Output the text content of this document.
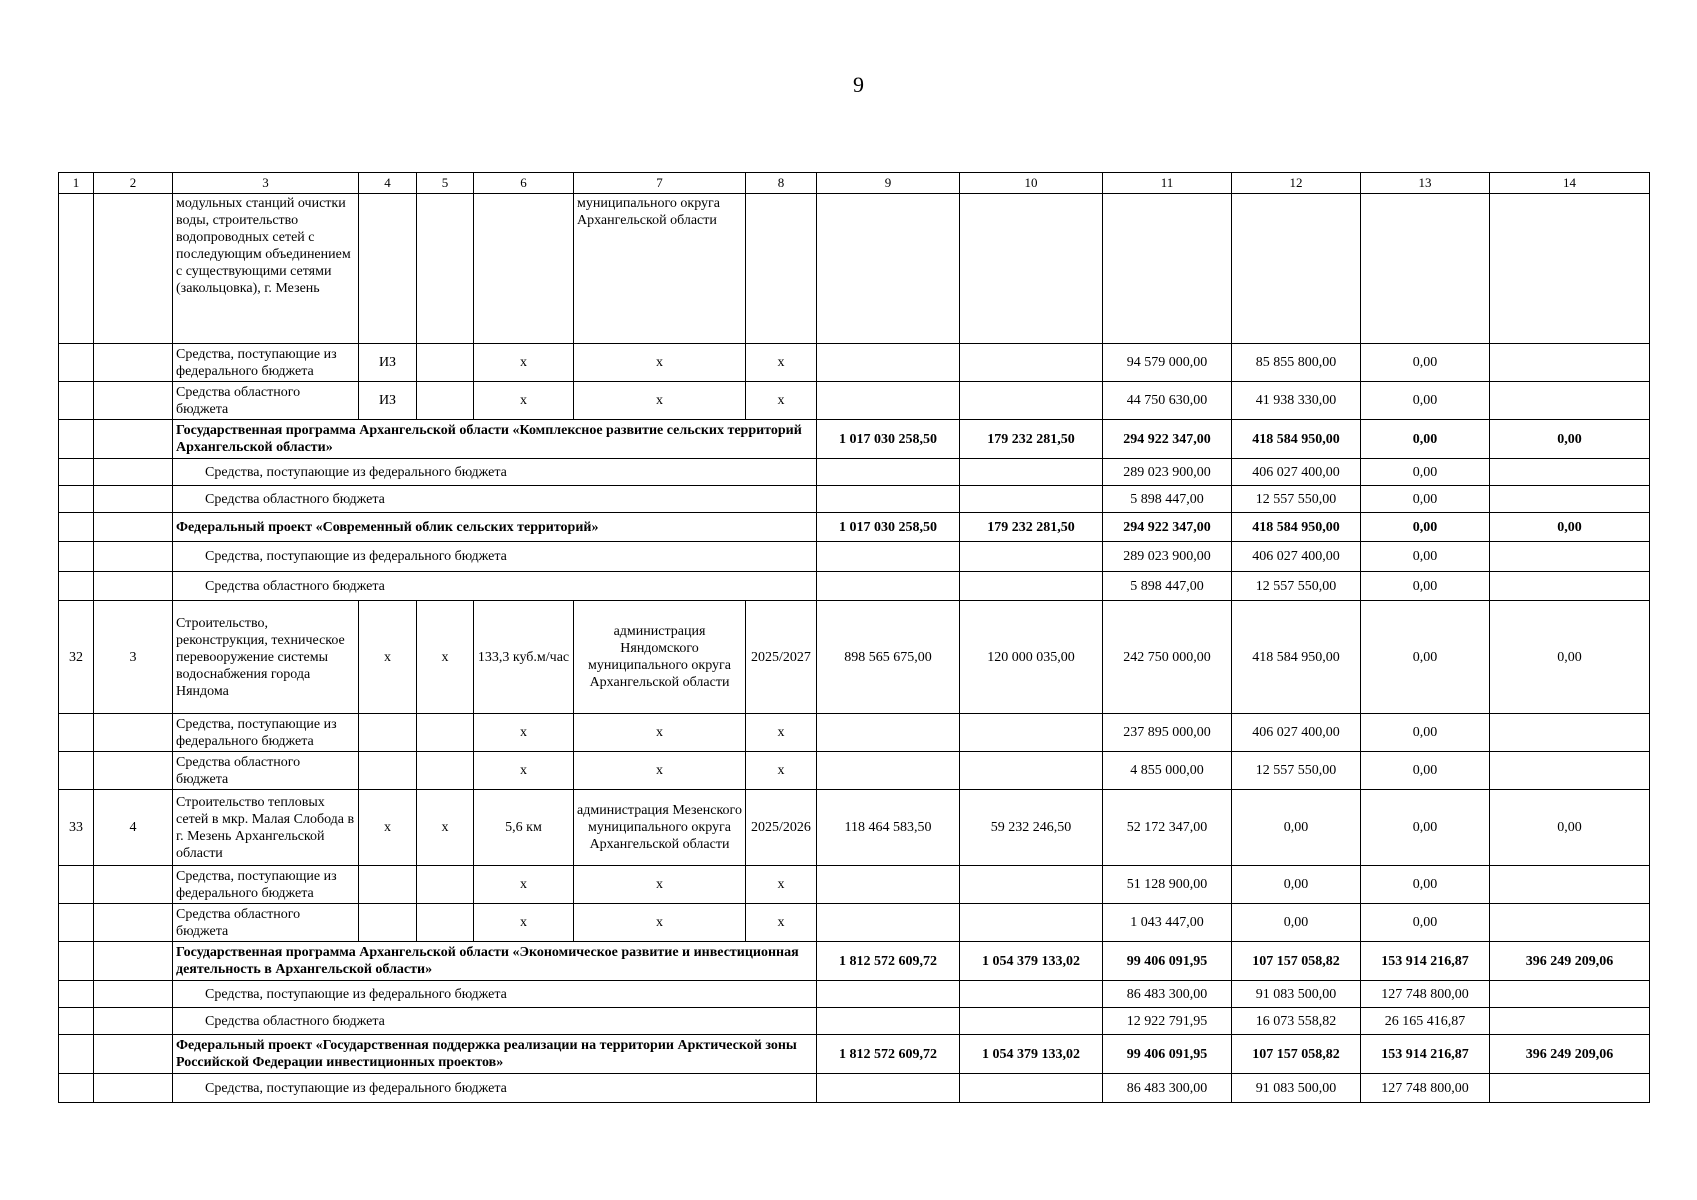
9
1	2	3	4	5	6	7	8	9	10	11	12	13	14
		модульных станций очистки воды, строительство водопроводных сетей с последующим объединением с существующими сетями (закольцовка), г. Мезень				муниципального округа Архангельской области							
		Средства, поступающие из федерального бюджета	ИЗ		х	х	х			94 579 000,00	85 855 800,00	0,00	
		Средства областного бюджета	ИЗ		х	х	х			44 750 630,00	41 938 330,00	0,00	
		Государственная программа Архангельской области «Комплексное развитие сельских территорий Архангельской области»						1 017 030 258,50	179 232 281,50	294 922 347,00	418 584 950,00	0,00	0,00
		Средства, поступающие из федерального бюджета								289 023 900,00	406 027 400,00	0,00	
		Средства областного бюджета								5 898 447,00	12 557 550,00	0,00	
		Федеральный проект «Современный облик сельских территорий»						1 017 030 258,50	179 232 281,50	294 922 347,00	418 584 950,00	0,00	0,00
		Средства, поступающие из федерального бюджета								289 023 900,00	406 027 400,00	0,00	
		Средства областного бюджета								5 898 447,00	12 557 550,00	0,00	
32	3	Строительство, реконструкция, техническое перевооружение системы водоснабжения города Няндома	х	х	133,3 куб.м/час	администрация Няндомского муниципального округа Архангельской области	2025/2027	898 565 675,00	120 000 035,00	242 750 000,00	418 584 950,00	0,00	0,00
		Средства, поступающие из федерального бюджета			х	х	х			237 895 000,00	406 027 400,00	0,00	
		Средства областного бюджета			х	х	х			4 855 000,00	12 557 550,00	0,00	
33	4	Строительство тепловых сетей в мкр. Малая Слобода в г. Мезень Архангельской области	х	х	5,6 км	администрация Мезенского муниципального округа Архангельской области	2025/2026	118 464 583,50	59 232 246,50	52 172 347,00	0,00	0,00	0,00
		Средства, поступающие из федерального бюджета			х	х	х			51 128 900,00	0,00	0,00	
		Средства областного бюджета			х	х	х			1 043 447,00	0,00	0,00	
		Государственная программа Архангельской области «Экономическое развитие и инвестиционная деятельность в Архангельской области»						1 812 572 609,72	1 054 379 133,02	99 406 091,95	107 157 058,82	153 914 216,87	396 249 209,06
		Средства, поступающие из федерального бюджета								86 483 300,00	91 083 500,00	127 748 800,00	
		Средства областного бюджета								12 922 791,95	16 073 558,82	26 165 416,87	
		Федеральный проект «Государственная поддержка реализации на территории Арктической зоны Российской Федерации инвестиционных проектов»						1 812 572 609,72	1 054 379 133,02	99 406 091,95	107 157 058,82	153 914 216,87	396 249 209,06
		Средства, поступающие из федерального бюджета								86 483 300,00	91 083 500,00	127 748 800,00	
